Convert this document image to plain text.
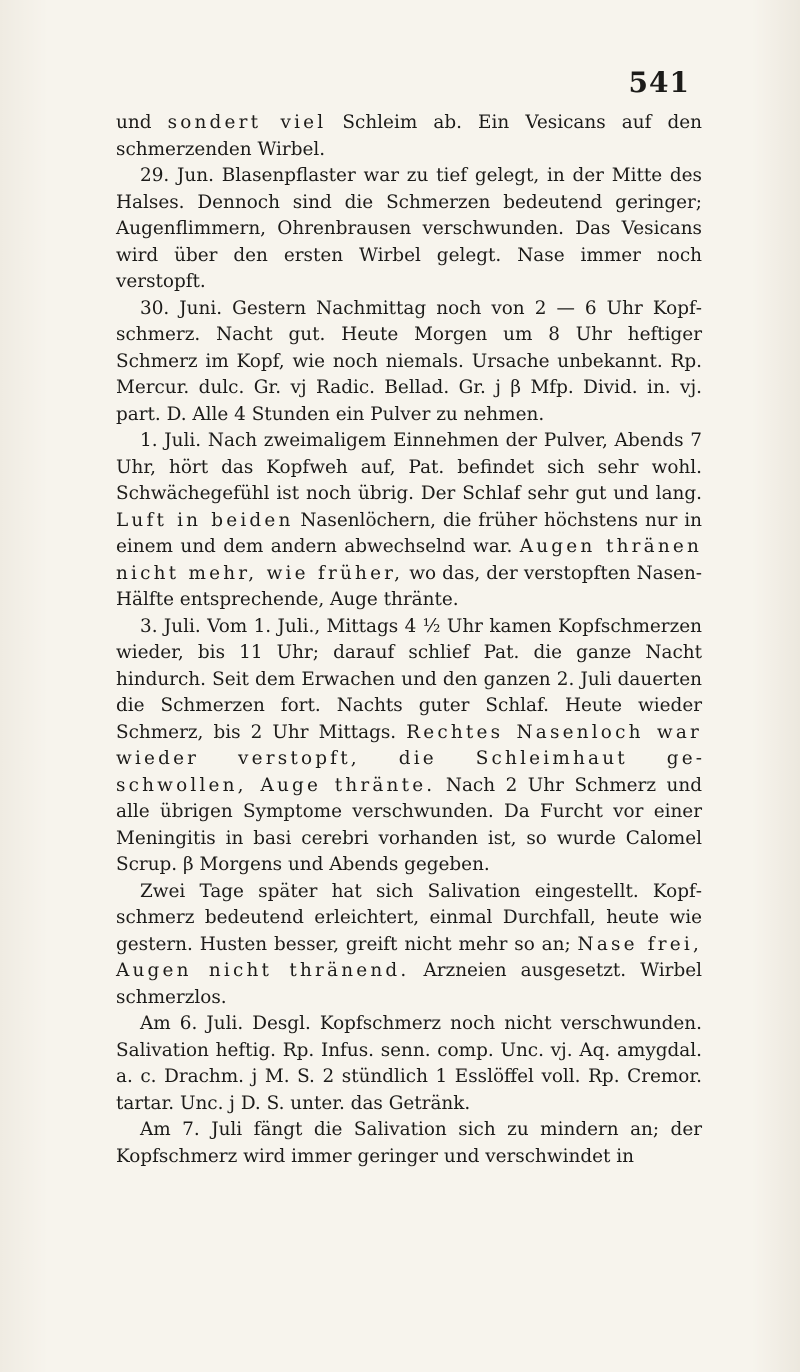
541

und sondert viel Schleim ab. Ein Vesicans auf den schmerzenden Wirbel.

29. Jun. Blasenpflaster war zu tief gelegt, in der Mitte des Halses. Dennoch sind die Schmerzen bedeutend geringer; Augenflimmern, Ohrenbrausen verschwunden. Das Vesicans wird über den ersten Wirbel gelegt. Nase immer noch verstopft.

30. Juni. Gestern Nachmittag noch von 2 — 6 Uhr Kopfschmerz. Nacht gut. Heute Morgen um 8 Uhr heftiger Schmerz im Kopf, wie noch niemals. Ursache unbekannt. Rp. Mercur. dulc. Gr. vj Radic. Bellad. Gr. j β Mfp. Divid. in. vj. part. D. Alle 4 Stunden ein Pulver zu nehmen.

1. Juli. Nach zweimaligem Einnehmen der Pulver, Abends 7 Uhr, hört das Kopfweh auf, Pat. befindet sich sehr wohl. Schwächegefühl ist noch übrig. Der Schlaf sehr gut und lang. Luft in beiden Nasenlöchern, die früher höchstens nur in einem und dem andern abwechselnd war. Augen thränen nicht mehr, wie früher, wo das, der verstopften Nasen-Hälfte entsprechende, Auge thränte.

3. Juli. Vom 1. Juli., Mittags 4 ½ Uhr kamen Kopfschmerzen wieder, bis 11 Uhr; darauf schlief Pat. die ganze Nacht hindurch. Seit dem Erwachen und den ganzen 2. Juli dauerten die Schmerzen fort. Nachts guter Schlaf. Heute wieder Schmerz, bis 2 Uhr Mittags. Rechtes Nasenloch war wieder verstopft, die Schleimhaut geschwollen, Auge thränte. Nach 2 Uhr Schmerz und alle übrigen Symptome verschwunden. Da Furcht vor einer Meningitis in basi cerebri vorhanden ist, so wurde Calomel Scrup. β Morgens und Abends gegeben.

Zwei Tage später hat sich Salivation eingestellt. Kopfschmerz bedeutend erleichtert, einmal Durchfall, heute wie gestern. Husten besser, greift nicht mehr so an; Nase frei, Augen nicht thränend. Arzneien ausgesetzt. Wirbel schmerzlos.

Am 6. Juli. Desgl. Kopfschmerz noch nicht verschwunden. Salivation heftig. Rp. Infus. senn. comp. Unc. vj. Aq. amygdal. a. c. Drachm. j M. S. 2 stündlich 1 Esslöffel voll. Rp. Cremor. tartar. Unc. j D. S. unter. das Getränk.

Am 7. Juli fängt die Salivation sich zu mindern an; der Kopfschmerz wird immer geringer und verschwindet in
